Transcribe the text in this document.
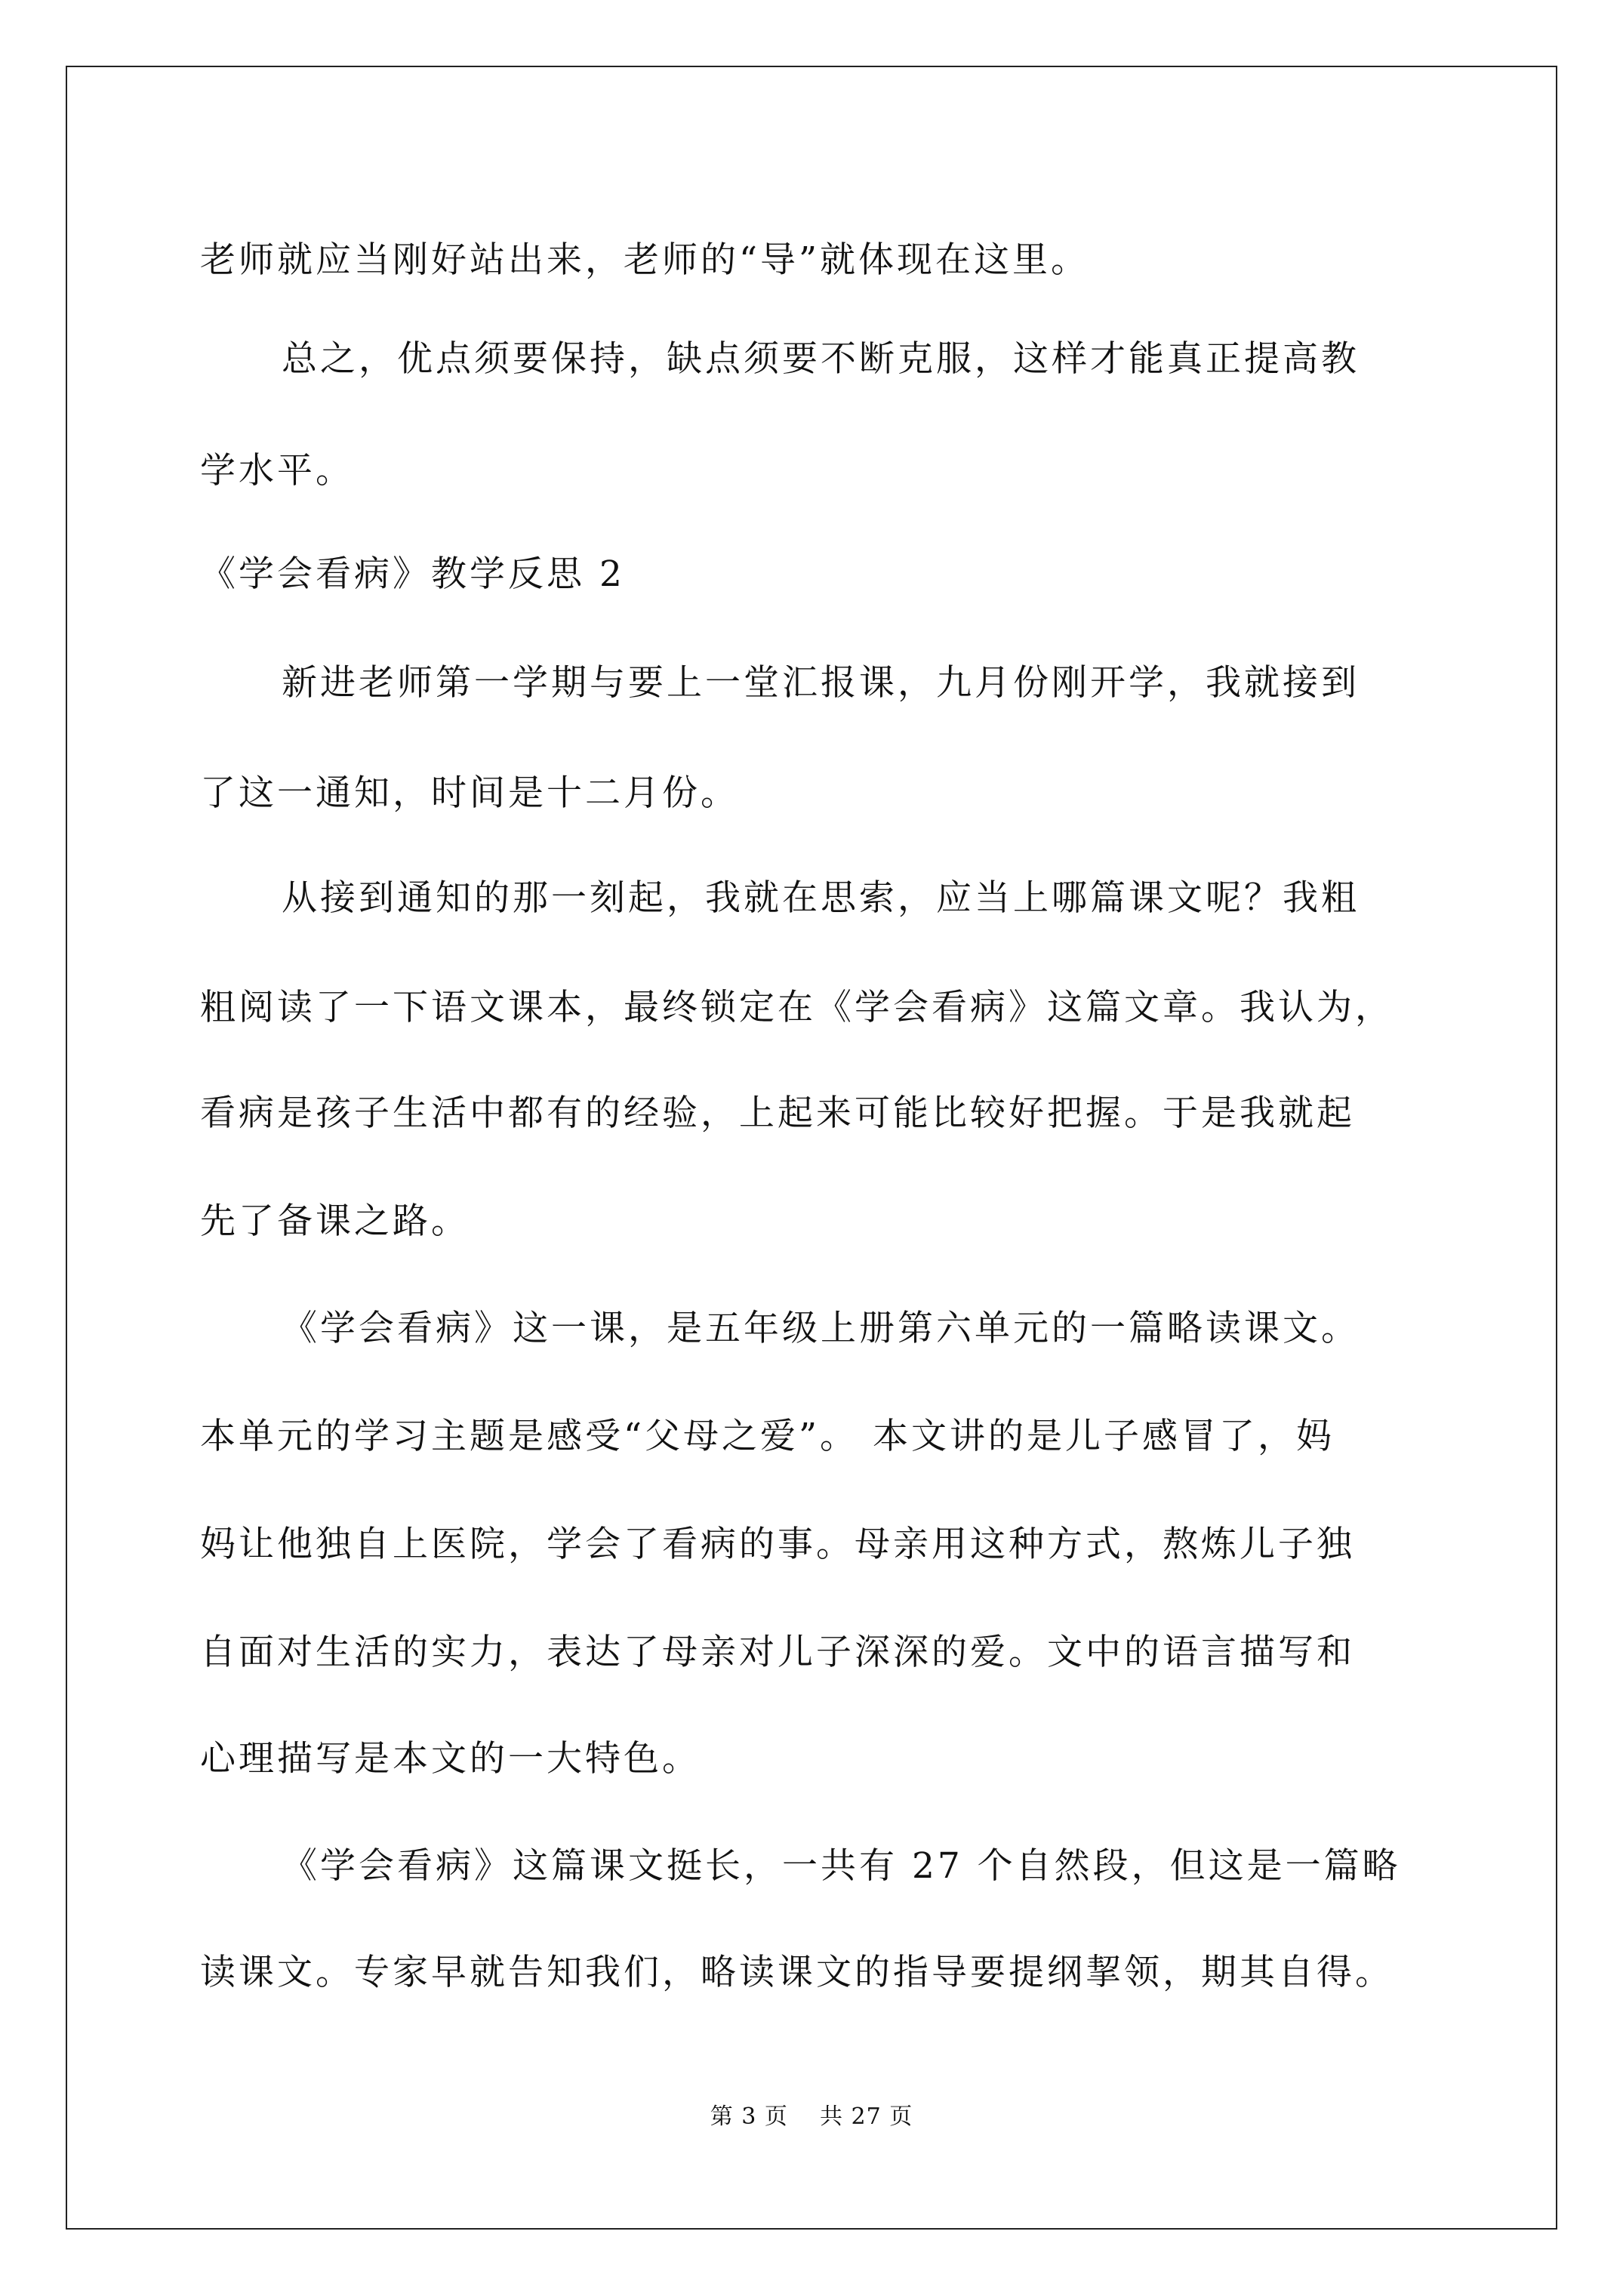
老师就应当刚好站出来，老师的“导”就体现在这里。
总之，优点须要保持，缺点须要不断克服，这样才能真正提高教
学水平。
《学会看病》教学反思 2
新进老师第一学期与要上一堂汇报课，九月份刚开学，我就接到
了这一通知，时间是十二月份。
从接到通知的那一刻起，我就在思索，应当上哪篇课文呢？我粗
粗阅读了一下语文课本，最终锁定在《学会看病》这篇文章。我认为，
看病是孩子生活中都有的经验，上起来可能比较好把握。于是我就起
先了备课之路。
《学会看病》这一课，是五年级上册第六单元的一篇略读课文。
本单元的学习主题是感受“父母之爱”。 本文讲的是儿子感冒了，妈
妈让他独自上医院，学会了看病的事。母亲用这种方式，熬炼儿子独
自面对生活的实力，表达了母亲对儿子深深的爱。文中的语言描写和
心理描写是本文的一大特色。
《学会看病》这篇课文挺长，一共有 27 个自然段，但这是一篇略
读课文。专家早就告知我们，略读课文的指导要提纲挈领，期其自得。
第 3 页    共 27 页
